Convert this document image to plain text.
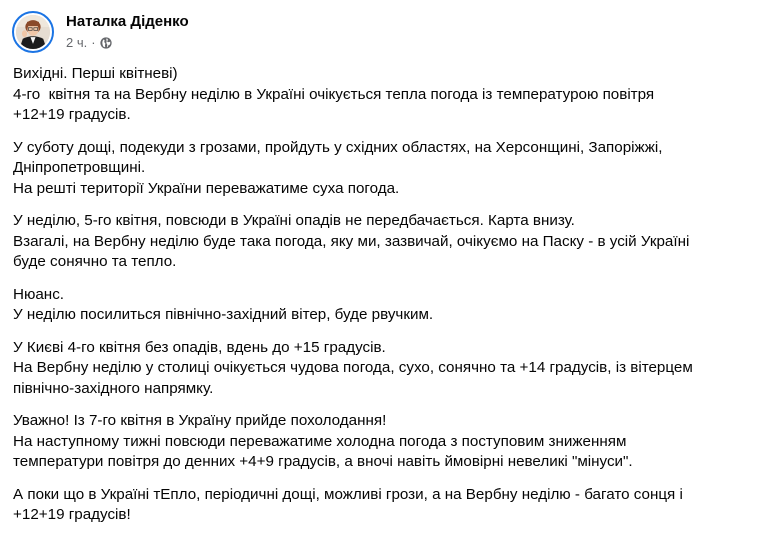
Наталка Діденко
2 ч. ·

Вихідні. Перші квітневі)
4-го  квітня та на Вербну неділю в Україні очікується тепла погода із температурою повітря
+12+19 градусів.

У суботу дощі, подекуди з грозами, пройдуть у східних областях, на Херсонщині, Запоріжжі,
Дніпропетровщині.
На решті території України переважатиме суха погода.

У неділю, 5-го квітня, повсюди в Україні опадів не передбачається. Карта внизу.
Взагалі, на Вербну неділю буде така погода, яку ми, зазвичай, очікуємо на Паску - в усій Україні
буде сонячно та тепло.

Нюанс.
У неділю посилиться північно-західний вітер, буде рвучким.

У Києві 4-го квітня без опадів, вдень до +15 градусів.
На Вербну неділю у столиці очікується чудова погода, сухо, сонячно та +14 градусів, із вітерцем
північно-західного напрямку.

Уважно! Із 7-го квітня в Україну прийде похолодання!
На наступному тижні повсюди переважатиме холодна погода з поступовим зниженням
температури повітря до денних +4+9 градусів, а вночі навіть ймовірні невеликі "мінуси".

А поки що в Україні тЕпло, періодичні дощі, можливі грози, а на Вербну неділю - багато сонця і
+12+19 градусів!
